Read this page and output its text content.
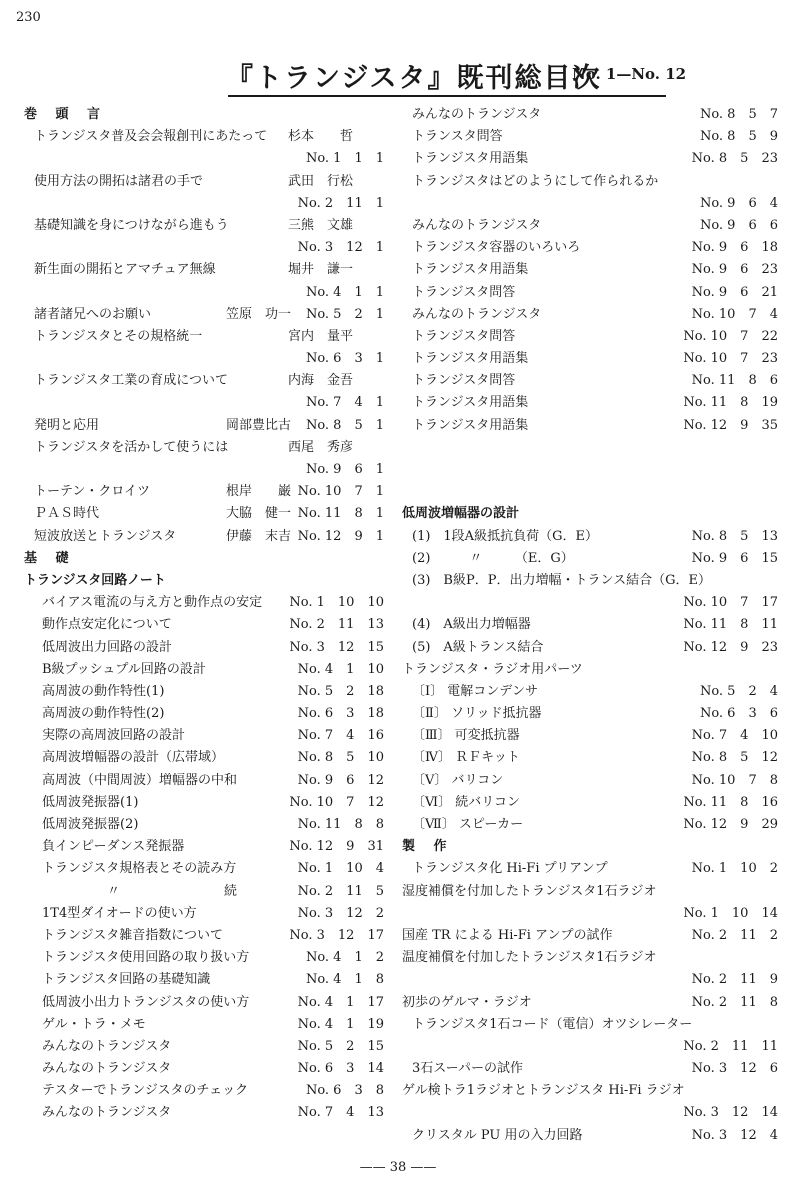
230
『トランジスタ』既刊総目次
No. 1—No. 12
巻 頭 言
トランジスタ普及会会報創刊にあたって 杉本　　哲
No. 1　1　1
使用方法の開拓は諸君の手で	武田　行松
No. 2　11　1
基礎知識を身につけながら進もう	三熊　文雄
No. 3　12　1
新生面の開拓とアマチュア無線	堀井　謙一
No. 4　1　1
諸者諸兄へのお願い	笠原　功一 No. 5　2　1
トランジスタとその規格統一	宮内　量平
No. 6　3　1
トランジスタ工業の育成について	内海　金吾
No. 7　4　1
発明と応用	岡部豊比古 No. 8　5　1
トランジスタを活かして使うには	西尾　秀彦
No. 9　6　1
トーテン・クロイツ	根岸　　巌 No. 10　7　1
ＰＡＳ時代	大脇　健一 No. 11　8　1
短波放送とトランジスタ	伊藤　末吉 No. 12　9　1
基 礎
トランジスタ回路ノート
バイアス電流の与え方と動作点の安定 No. 1　10　10
動作点安定化について	No. 2　11　13
低周波出力回路の設計	No. 3　12　15
B級プッシュプル回路の設計	No. 4　1　10
高周波の動作特性(1)	No. 5　2　18
高周波の動作特性(2)	No. 6　3　18
実際の高周波回路の設計	No. 7　4　16
高周波増幅器の設計（広帯域）	No. 8　5　10
高周波（中間周波）増幅器の中和	No. 9　6　12
低周波発振器(1)	No. 10　7　12
低周波発振器(2)	No. 11　8　8
負インピーダンス発振器	No. 12　9　31
トランジスタ規格表とその読み方	No. 1　10　4
　　　　　〃　　　　　　　　続	No. 2　11　5
1T4型ダイオードの使い方	No. 3　12　2
トランジスタ雑音指数について	No. 3　12　17
トランジスタ使用回路の取り扱い方	No. 4　1　2
トランジスタ回路の基礎知識	No. 4　1　8
低周波小出力トランジスタの使い方	No. 4　1　17
ゲル・トラ・メモ	No. 4　1　19
みんなのトランジスタ	No. 5　2　15
みんなのトランジスタ	No. 6　3　14
テスターでトランジスタのチェック	No. 6　3　8
みんなのトランジスタ	No. 7　4　13
みんなのトランジスタ	No. 8　5　7
トランスタ問答	No. 8　5　9
トランジスタ用語集	No. 8　5　23
トランジスタはどのようにして作られるか
No. 9　6　4
みんなのトランジスタ	No. 9　6　6
トランジスタ容器のいろいろ	No. 9　6　18
トランジスタ用語集	No. 9　6　23
トランジスタ問答	No. 9　6　21
みんなのトランジスタ	No. 10　7　4
トランジスタ問答	No. 10　7　22
トランジスタ用語集	No. 10　7　23
トランジスタ問答	No. 11　8　6
トランジスタ用語集	No. 11　8　19
トランジスタ用語集	No. 12　9　35
低周波増幅器の設計
(1)　1段A級抵抗負荷（G．E）	No. 8　5　13
(2)　　　〃　　　（E．G）	No. 9　6　15
(3)　B級P．P．出力増幅・トランス結合（G．E）
No. 10　7　17
(4)　A級出力増幅器	No. 11　8　11
(5)　A級トランス結合	No. 12　9　23
トランジスタ・ラジオ用パーツ
〔Ⅰ〕 電解コンデンサ	No. 5　2　4
〔Ⅱ〕 ソリッド抵抗器	No. 6　3　6
〔Ⅲ〕 可変抵抗器	No. 7　4　10
〔Ⅳ〕 ＲＦキット	No. 8　5　12
〔Ⅴ〕 バリコン	No. 10　7　8
〔Ⅵ〕 続バリコン	No. 11　8　16
〔Ⅶ〕 スピーカー	No. 12　9　29
製 作
トランジスタ化 Hi-Fi プリアンプ	No. 1　10　2
湿度補償を付加したトランジスタ1石ラジオ
No. 1　10　14
国産 TR による Hi-Fi アンプの試作	No. 2　11　2
温度補償を付加したトランジスタ1石ラジオ
No. 2　11　9
初歩のゲルマ・ラジオ	No. 2　11　8
トランジスタ1石コード（電信）オツシレーター
No. 2　11　11
3石スーパーの試作	No. 3　12　6
ゲル検トラ1ラジオとトランジスタ Hi-Fi ラジオ
No. 3　12　14
クリスタル PU 用の入力回路	No. 3　12　4
—— 38 ——
